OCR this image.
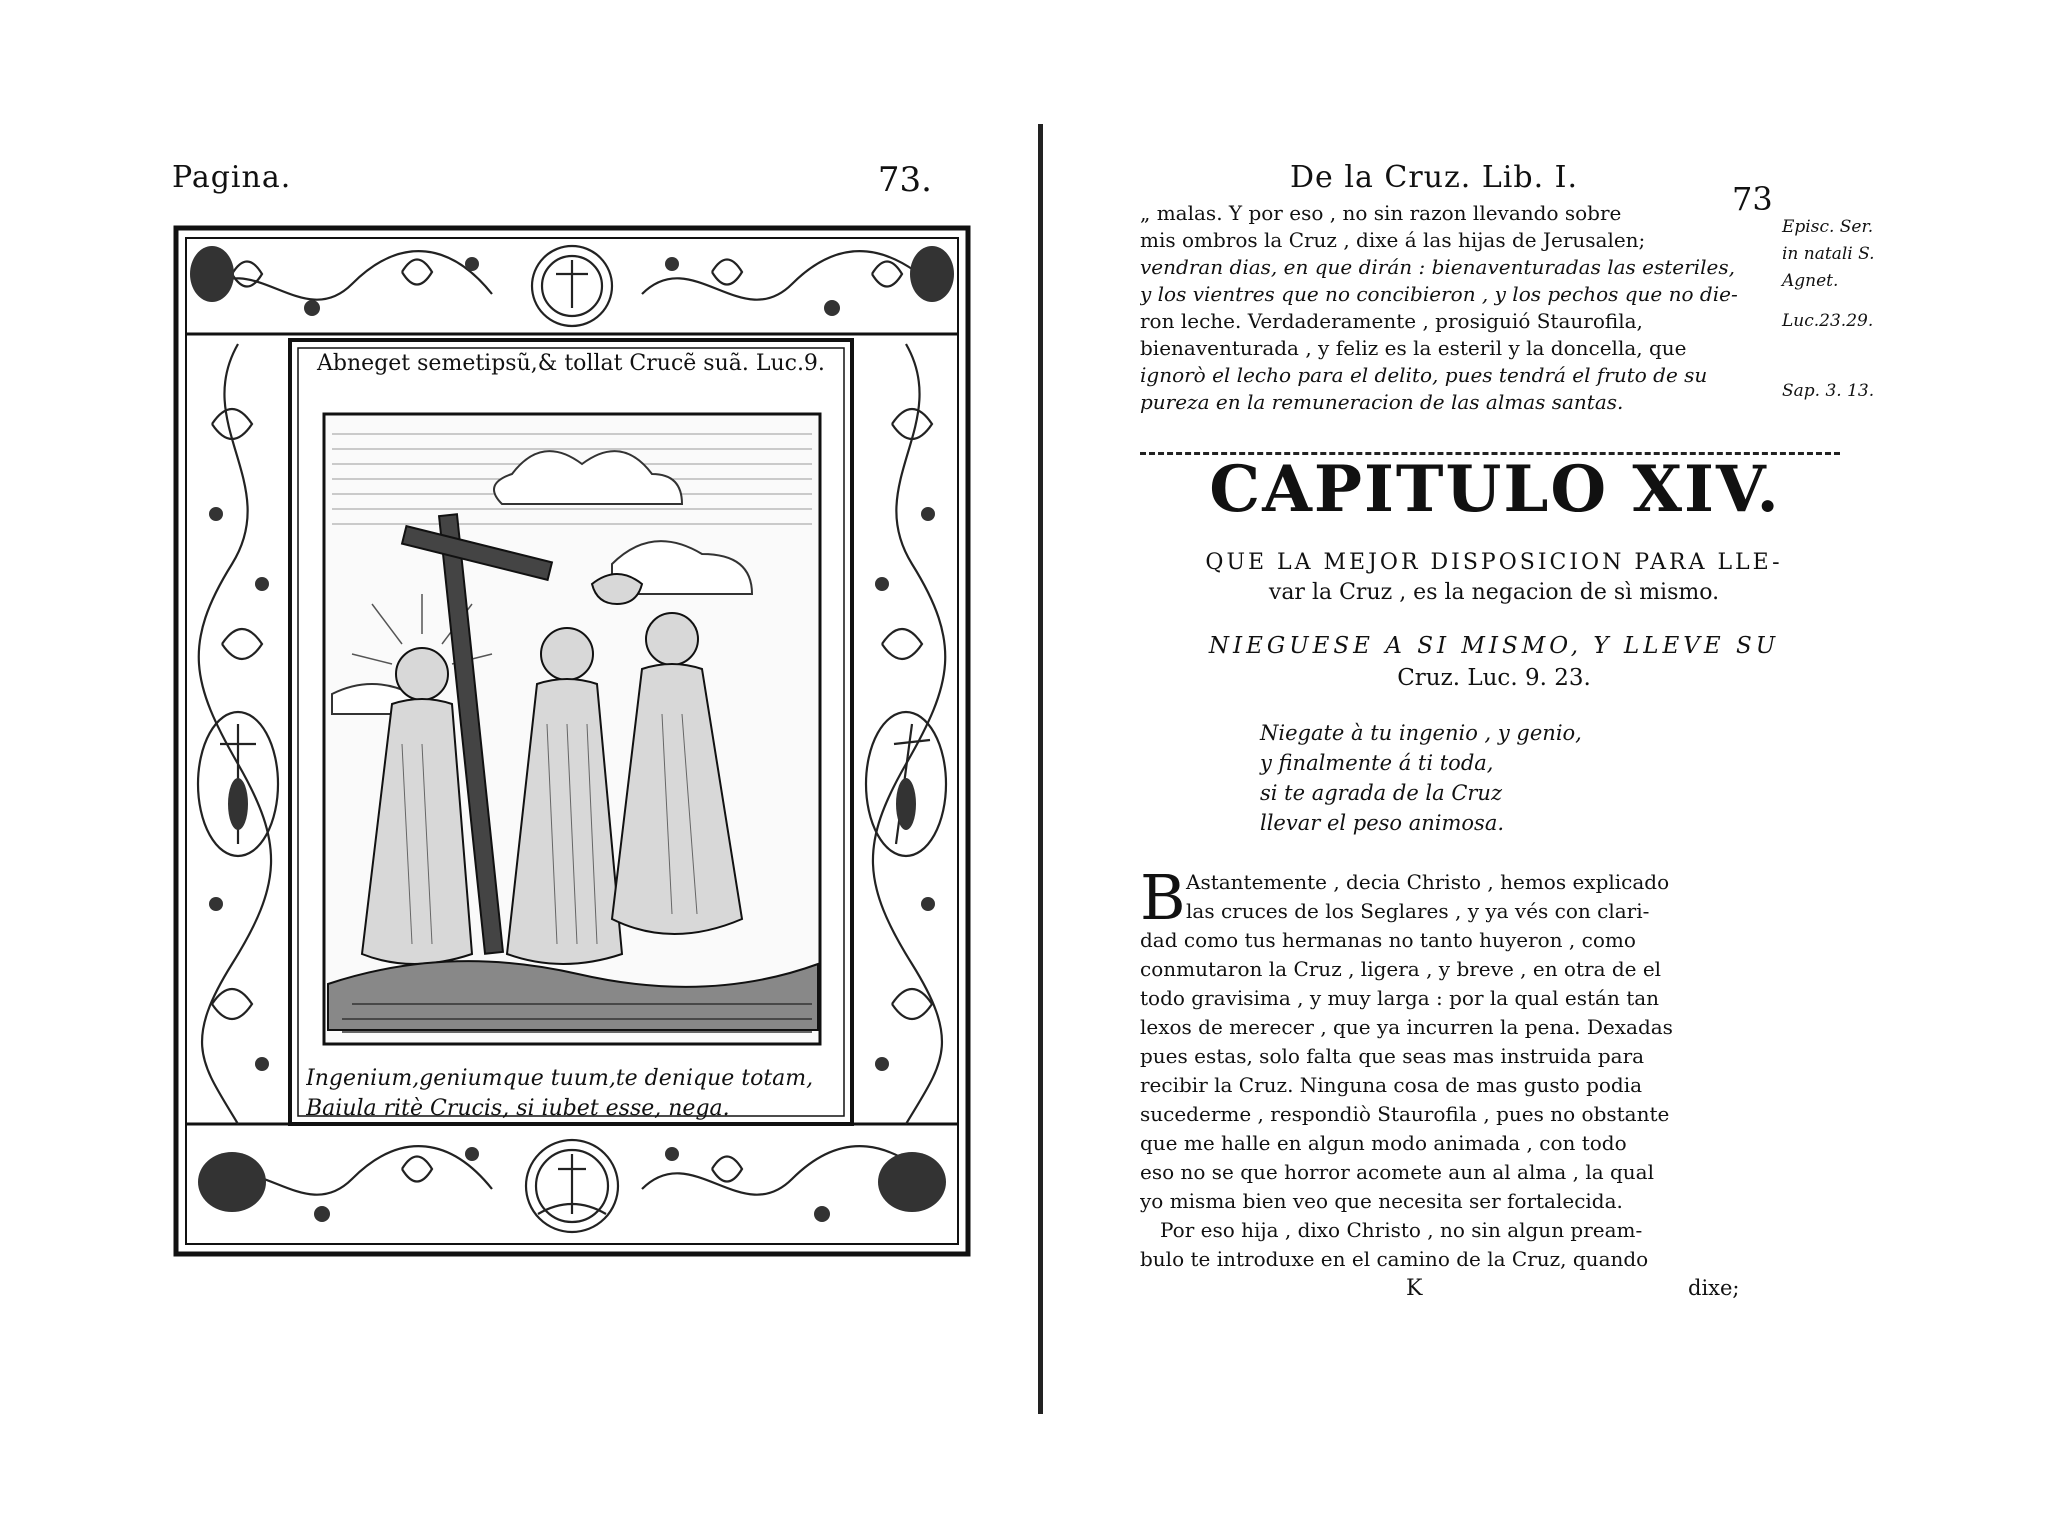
Pagina.	73.
Abneget semetipsũ,& tollat Crucẽ suã. Luc.9.
Ingenium,geniumque tuum,te denique totam,
Baiula ritè Crucis, si iubet esse, nega.
De la Cruz. Lib. I.
73
„ malas. Y por eso , no sin razon llevando sobre
mis ombros la Cruz , dixe á las hijas de Jerusalen;
vendran dias, en que dirán : bienaventuradas las esteriles,
y los vientres que no concibieron , y los pechos que no die-
ron leche. Verdaderamente , prosiguió Staurofila,
bienaventurada , y feliz es la esteril y la doncella, que
ignorò el lecho para el delito, pues tendrá el fruto de su
pureza en la remuneracion de las almas santas.
Episc. Ser.
in natali S.
Agnet.
Luc.23.29.
Sap. 3. 13.
CAPITULO XIV.
QUE LA MEJOR DISPOSICION PARA LLE-
var la Cruz , es la negacion de sì mismo.
NIEGUESE A SI MISMO, Y LLEVE SU
Cruz. Luc. 9. 23.
Niegate à tu ingenio , y genio,
y finalmente á ti toda,
si te agrada de la Cruz
llevar el peso animosa.
B Astantemente , decia Christo , hemos explicado
las cruces de los Seglares , y ya vés con clari-
dad como tus hermanas no tanto huyeron , como
conmutaron la Cruz , ligera , y breve , en otra de el
todo gravisima , y muy larga : por la qual están tan
lexos de merecer , que ya incurren la pena. Dexadas
pues estas, solo falta que seas mas instruida para
recibir la Cruz. Ninguna cosa de mas gusto podia
sucederme , respondiò Staurofila , pues no obstante
que me halle en algun modo animada , con todo
eso no se que horror acomete aun al alma , la qual
yo misma bien veo que necesita ser fortalecida.
Por eso hija , dixo Christo , no sin algun pream-
bulo te introduxe en el camino de la Cruz, quando
K	dixe;
